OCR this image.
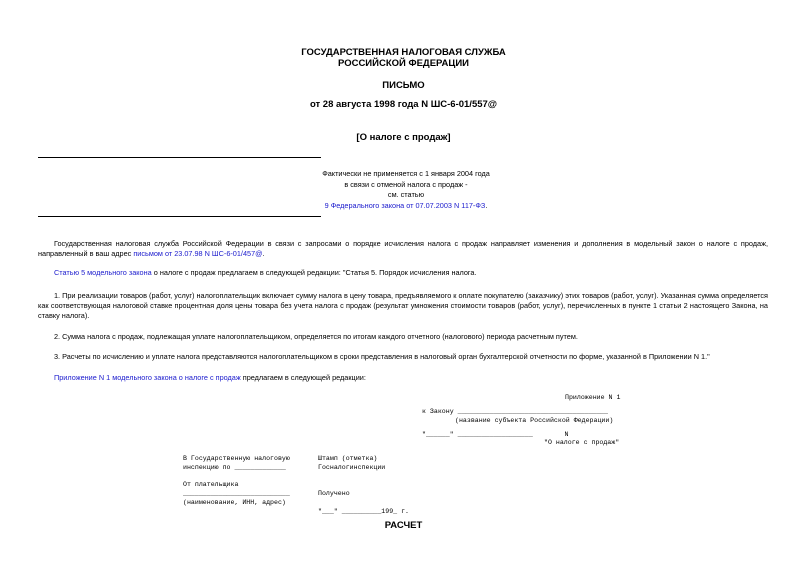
ГОСУДАРСТВЕННАЯ НАЛОГОВАЯ СЛУЖБА
РОССИЙСКОЙ ФЕДЕРАЦИИ
ПИСЬМО
от 28 августа 1998 года N ШС-6-01/557@
[О налоге с продаж]
Фактически не применяется с 1 января 2004 года
в связи с отменой налога с продаж -
см. статью
9 Федерального закона от 07.07.2003 N 117-ФЗ.
Государственная налоговая служба Российской Федерации в связи с запросами о порядке исчисления налога с продаж направляет изменения и дополнения в модельный закон о налоге с продаж, направленный в ваш адрес письмом от 23.07.98 N ШС-6-01/457@.
Статью 5 модельного закона о налоге с продаж предлагаем в следующей редакции: "Статья 5. Порядок исчисления налога.
1. При реализации товаров (работ, услуг) налогоплательщик включает сумму налога в цену товара, предъявляемого к оплате покупателю (заказчику) этих товаров (работ, услуг). Указанная сумма определяется как соответствующая налоговой ставке процентная доля цены товара без учета налога с продаж (результат умножения стоимости товаров (работ, услуг), перечисленных в пункте 1 статьи 2 настоящего Закона, на ставку налога).
2. Сумма налога с продаж, подлежащая уплате налогоплательщиком, определяется по итогам каждого отчетного (налогового) периода расчетным путем.
3. Расчеты по исчислению и уплате налога представляются налогоплательщиком в сроки представления в налоговый орган бухгалтерской отчетности по форме, указанной в Приложении N 1."
Приложение N 1 модельного закона о налоге с продаж предлагаем в следующей редакции:
Приложение N 1
к Закону ______________________________________
(название субъекта Российской Федерации)
"______" ___________________        N
"О налоге с продаж"
В Государственную налоговую
инспекцию по _____________

От плательщика
___________________________
(наименование, ИНН, адрес)
Штамп (отметка)
Госналогинспекции

Получено

"___" __________199_ г.
РАСЧЕТ
